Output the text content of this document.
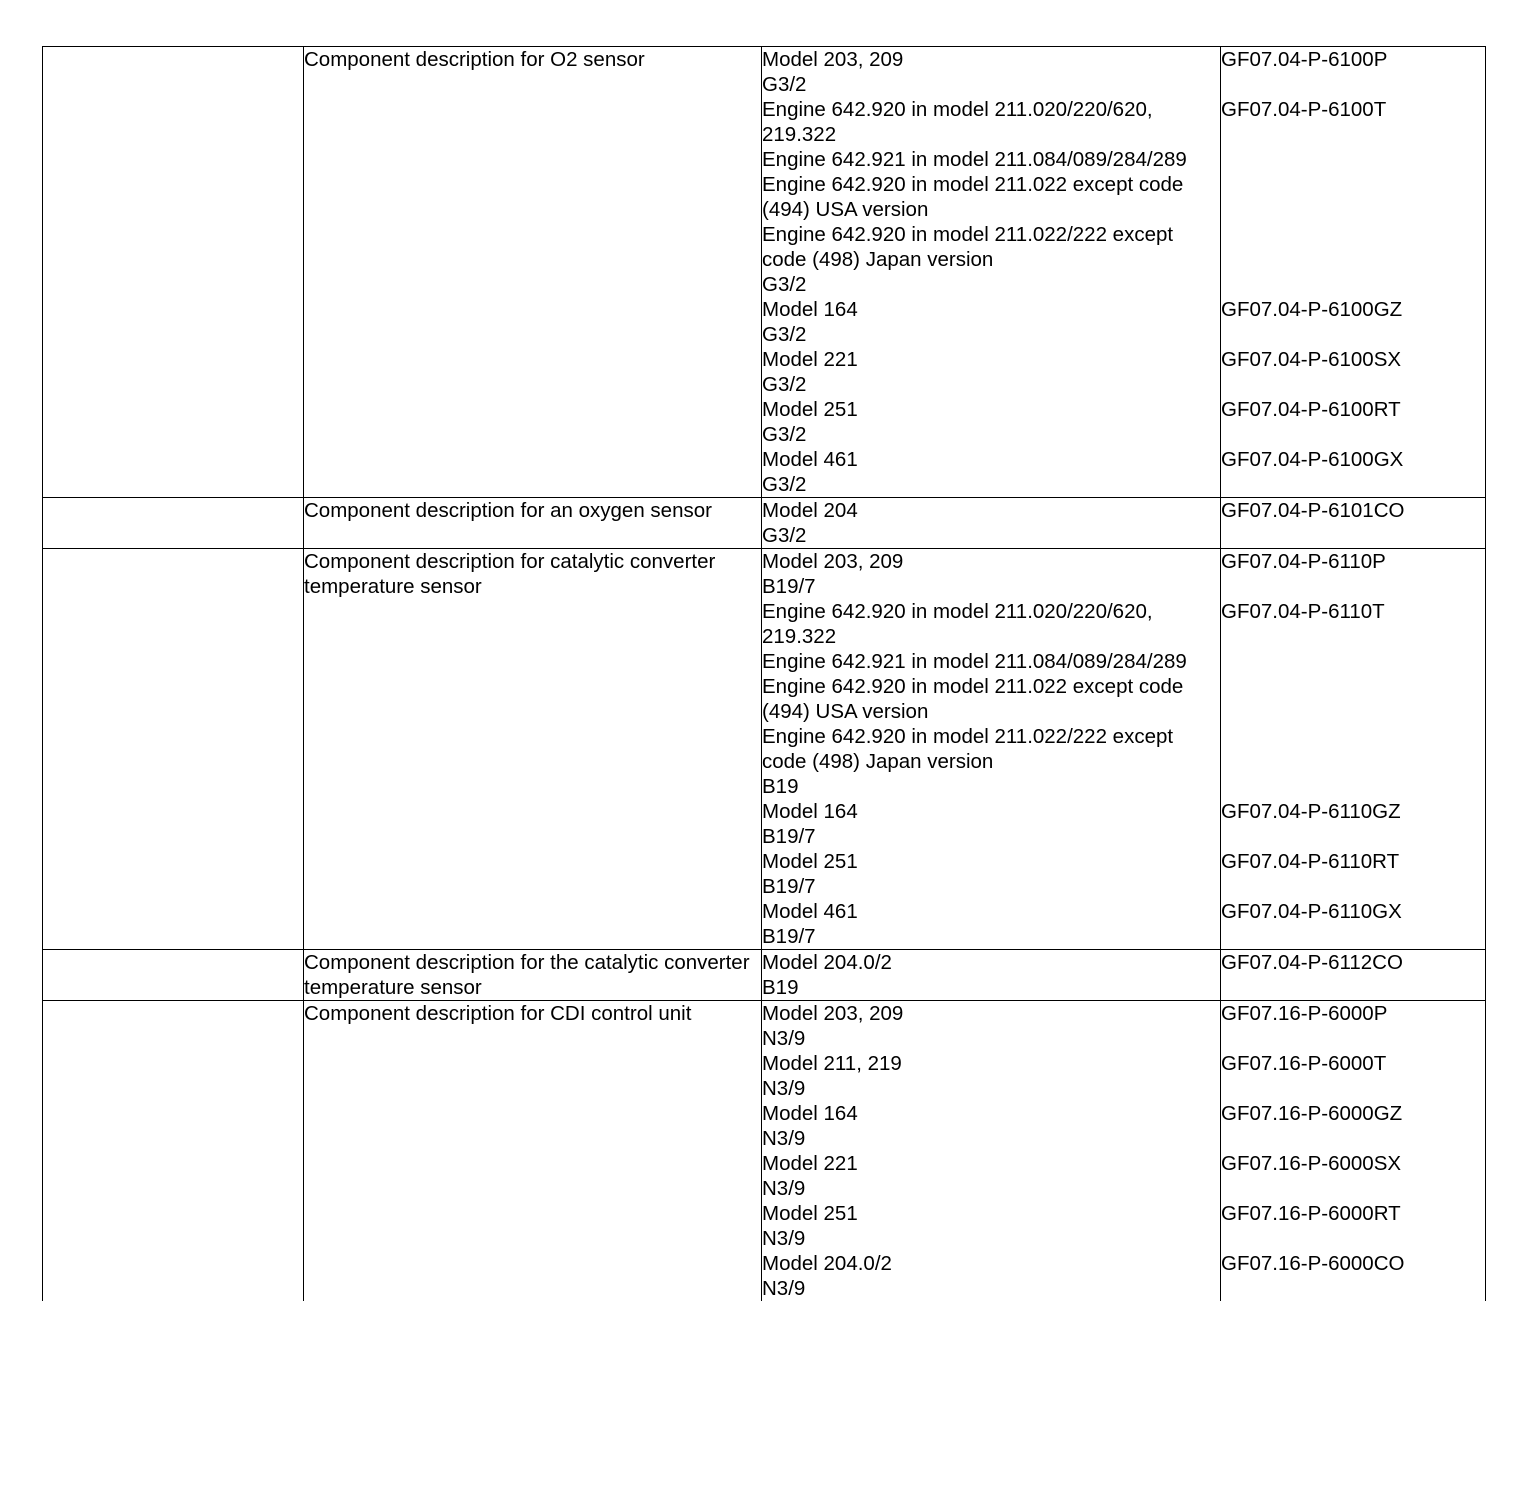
	Component description for O2 sensor	Model 203, 209
G3/2	GF07.04-P-6100P

		Engine 642.920 in model 211.020/220/620, 219.322
Engine 642.921 in model 211.084/089/284/289
Engine 642.920 in model 211.022 except code (494) USA version
Engine 642.920 in model 211.022/222 except code (498) Japan version
G3/2	GF07.04-P-6100T

		Model 164
G3/2	GF07.04-P-6100GZ

		Model 221
G3/2	GF07.04-P-6100SX

		Model 251
G3/2	GF07.04-P-6100RT

		Model 461
G3/2	GF07.04-P-6100GX

	Component description for an oxygen sensor	Model 204
G3/2	GF07.04-P-6101CO

	Component description for catalytic converter temperature sensor	Model 203, 209
B19/7	GF07.04-P-6110P

		Engine 642.920 in model 211.020/220/620, 219.322
Engine 642.921 in model 211.084/089/284/289
Engine 642.920 in model 211.022 except code (494) USA version
Engine 642.920 in model 211.022/222 except code (498) Japan version
B19	GF07.04-P-6110T

		Model 164
B19/7	GF07.04-P-6110GZ

		Model 251
B19/7	GF07.04-P-6110RT

		Model 461
B19/7	GF07.04-P-6110GX

	Component description for the catalytic converter temperature sensor	Model 204.0/2
B19	GF07.04-P-6112CO

	Component description for CDI control unit	Model 203, 209
N3/9	GF07.16-P-6000P

		Model 211, 219
N3/9	GF07.16-P-6000T

		Model 164
N3/9	GF07.16-P-6000GZ

		Model 221
N3/9	GF07.16-P-6000SX

		Model 251
N3/9	GF07.16-P-6000RT

		Model 204.0/2
N3/9	GF07.16-P-6000CO
